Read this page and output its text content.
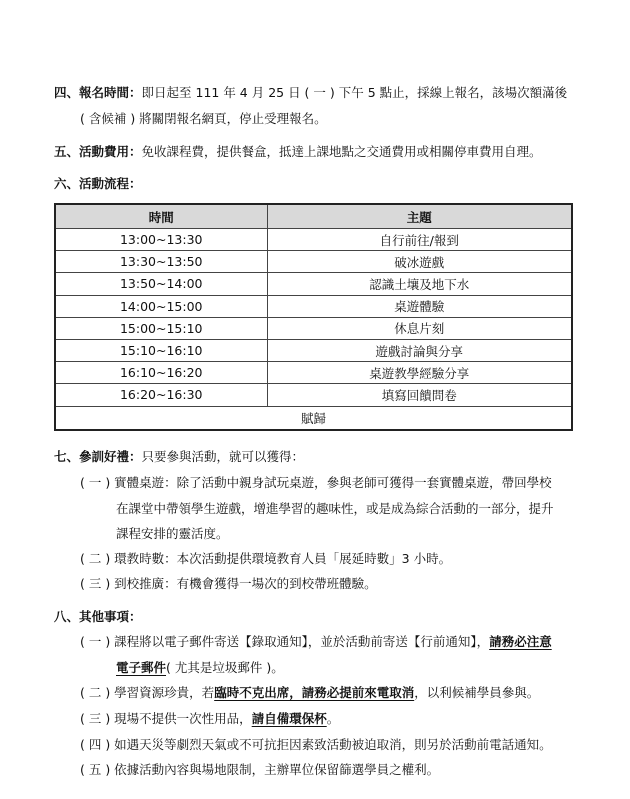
四、報名時間：即日起至 111 年 4 月 25 日 ( 一 ) 下午 5 點止，採線上報名，該場次額滿後
( 含候補 ) 將關閉報名網頁，停止受理報名。
五、活動費用：免收課程費，提供餐盒，抵達上課地點之交通費用或相關停車費用自理。
六、活動流程：
時間	主題
13:00~13:30	自行前往/報到
13:30~13:50	破冰遊戲
13:50~14:00	認識土壤及地下水
14:00~15:00	桌遊體驗
15:00~15:10	休息片刻
15:10~16:10	遊戲討論與分享
16:10~16:20	桌遊教學經驗分享
16:20~16:30	填寫回饋問卷
賦歸	
七、參訓好禮：只要參與活動，就可以獲得：
( 一 ) 實體桌遊：除了活動中親身試玩桌遊，參與老師可獲得一套實體桌遊，帶回學校
在課堂中帶領學生遊戲，增進學習的趣味性，或是成為綜合活動的一部分，提升
課程安排的靈活度。
( 二 ) 環教時數：本次活動提供環境教育人員「展延時數」3 小時。
( 三 ) 到校推廣：有機會獲得一場次的到校帶班體驗。
八、其他事項：
( 一 ) 課程將以電子郵件寄送【錄取通知】，並於活動前寄送【行前通知】，請務必注意
電子郵件( 尤其是垃圾郵件 )。
( 二 ) 學習資源珍貴，若臨時不克出席，請務必提前來電取消，以利候補學員參與。
( 三 ) 現場不提供一次性用品，請自備環保杯。
( 四 ) 如遇天災等劇烈天氣或不可抗拒因素致活動被迫取消，則另於活動前電話通知。
( 五 ) 依據活動內容與場地限制，主辦單位保留篩選學員之權利。
